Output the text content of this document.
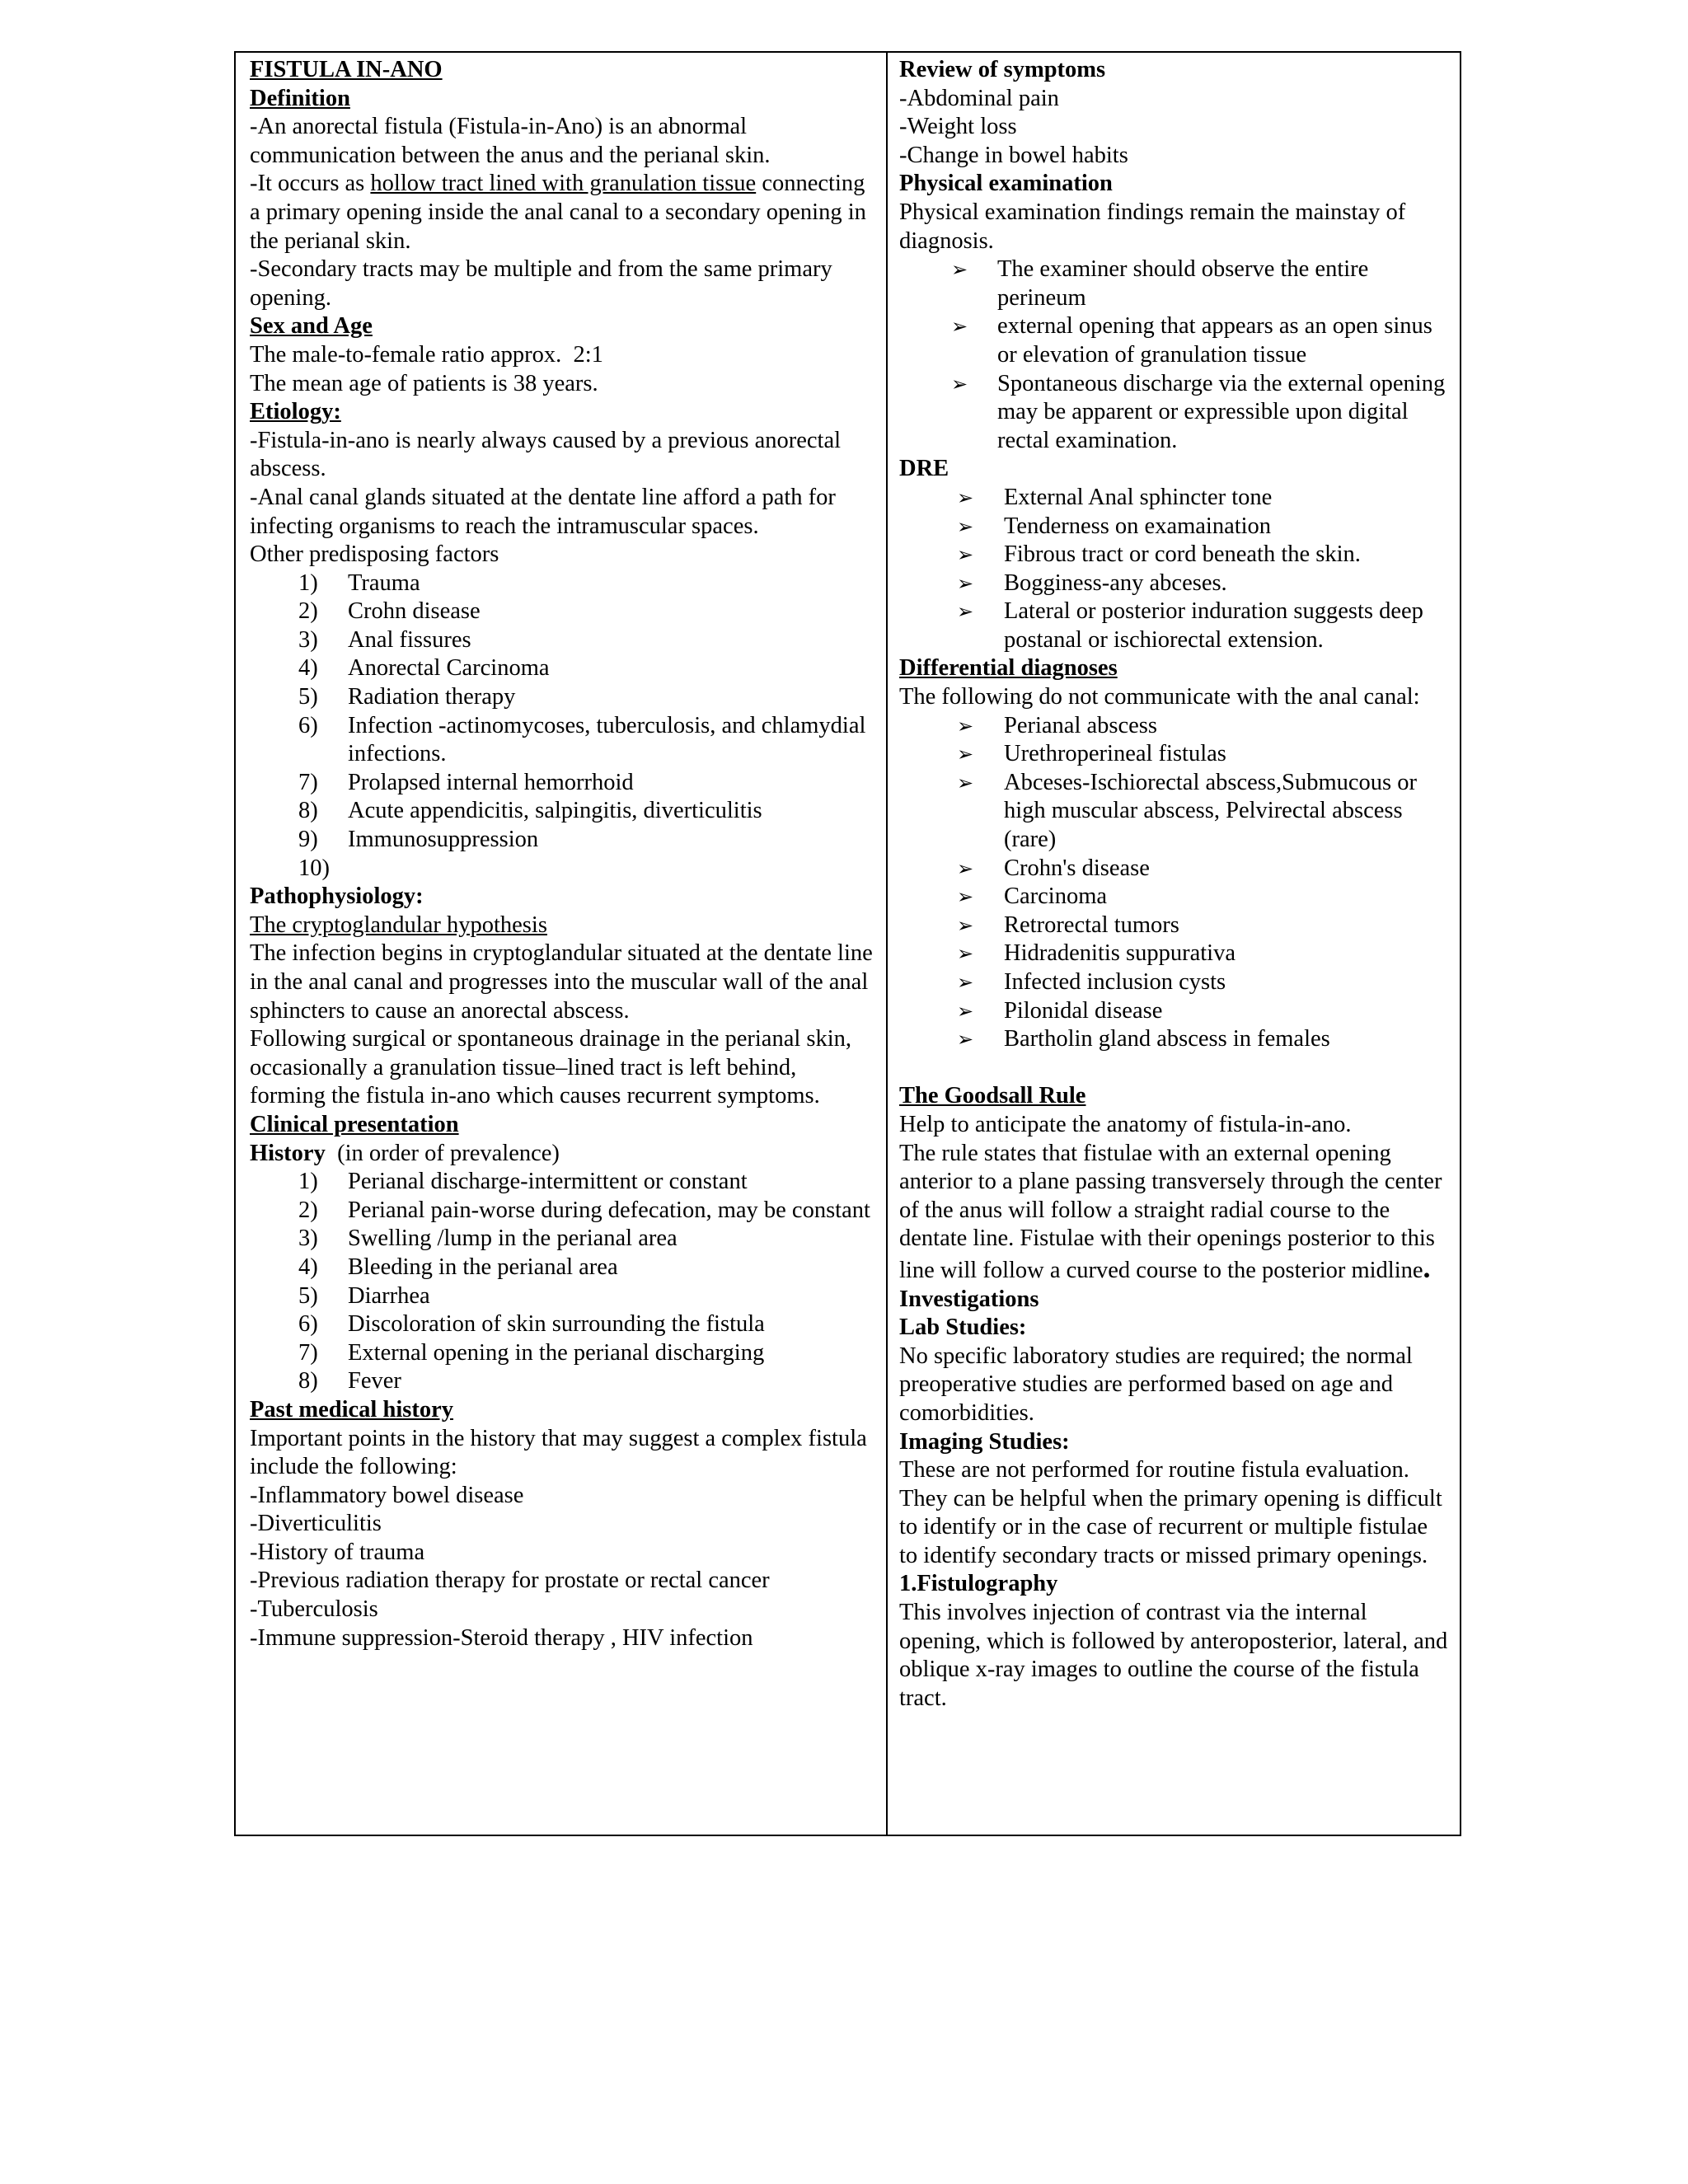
FISTULA IN-ANO
Definition
-An anorectal fistula (Fistula-in-Ano) is an abnormal communication between the anus and the perianal skin.
-It occurs as hollow tract lined with granulation tissue connecting a primary opening inside the anal canal to a secondary opening in the perianal skin.
-Secondary tracts may be multiple and from the same primary opening.
Sex and Age
The male-to-female ratio approx.  2:1
The mean age of patients is 38 years.
Etiology:
-Fistula-in-ano is nearly always caused by a previous anorectal abscess.
-Anal canal glands situated at the dentate line afford a path for infecting organisms to reach the intramuscular spaces.
Other predisposing factors
1)	Trauma
2)	Crohn disease
3)	Anal fissures
4)	Anorectal Carcinoma
5)	Radiation therapy
6)	Infection -actinomycoses, tuberculosis, and chlamydial infections.
7)	Prolapsed internal hemorrhoid
8)	Acute appendicitis, salpingitis, diverticulitis
9)	Immunosuppression
10)
Pathophysiology:
The cryptoglandular hypothesis
The infection begins in cryptoglandular situated at the dentate line in the anal canal and progresses into the muscular wall of the anal sphincters to cause an anorectal abscess.
Following surgical or spontaneous drainage in the perianal skin, occasionally a granulation tissue–lined tract is left behind, forming the fistula in-ano which causes recurrent symptoms.
Clinical presentation
History  (in order of prevalence)
1)	Perianal discharge-intermittent or constant
2)	Perianal pain-worse during defecation, may be constant
3)	Swelling /lump in the perianal area
4)	Bleeding in the perianal area
5)	Diarrhea
6)	Discoloration of skin surrounding the fistula
7)	External opening in the perianal discharging
8)	Fever
Past medical history
Important points in the history that may suggest a complex fistula include the following:
-Inflammatory bowel disease
-Diverticulitis
-History of trauma
-Previous radiation therapy for prostate or rectal cancer
-Tuberculosis
-Immune suppression-Steroid therapy , HIV infection
Review of symptoms
-Abdominal pain
-Weight loss
-Change in bowel habits
Physical examination
Physical examination findings remain the mainstay of diagnosis.
➢	The examiner should observe the entire perineum
➢	external opening that appears as an open sinus or elevation of granulation tissue
➢	Spontaneous discharge via the external opening may be apparent or expressible upon digital rectal examination.
DRE
➢	External Anal sphincter tone
➢	Tenderness on examaination
➢	Fibrous tract or cord beneath the skin.
➢	Bogginess-any abceses.
➢	Lateral or posterior induration suggests deep postanal or ischiorectal extension.
Differential diagnoses
The following do not communicate with the anal canal:
➢	Perianal abscess
➢	Urethroperineal fistulas
➢	Abceses-Ischiorectal abscess,Submucous or high muscular abscess, Pelvirectal abscess (rare)
➢	Crohn's disease
➢	Carcinoma
➢	Retrorectal tumors
➢	Hidradenitis suppurativa
➢	Infected inclusion cysts
➢	Pilonidal disease
➢	Bartholin gland abscess in females
The Goodsall Rule
Help to anticipate the anatomy of fistula-in-ano.
The rule states that fistulae with an external opening anterior to a plane passing transversely through the center of the anus will follow a straight radial course to the dentate line. Fistulae with their openings posterior to this line will follow a curved course to the posterior midline.
Investigations
Lab Studies:
No specific laboratory studies are required; the normal preoperative studies are performed based on age and comorbidities.
Imaging Studies:
These are not performed for routine fistula evaluation. They can be helpful when the primary opening is difficult to identify or in the case of recurrent or multiple fistulae to identify secondary tracts or missed primary openings.
1.Fistulography
This involves injection of contrast via the internal opening, which is followed by anteroposterior, lateral, and oblique x-ray images to outline the course of the fistula tract.
